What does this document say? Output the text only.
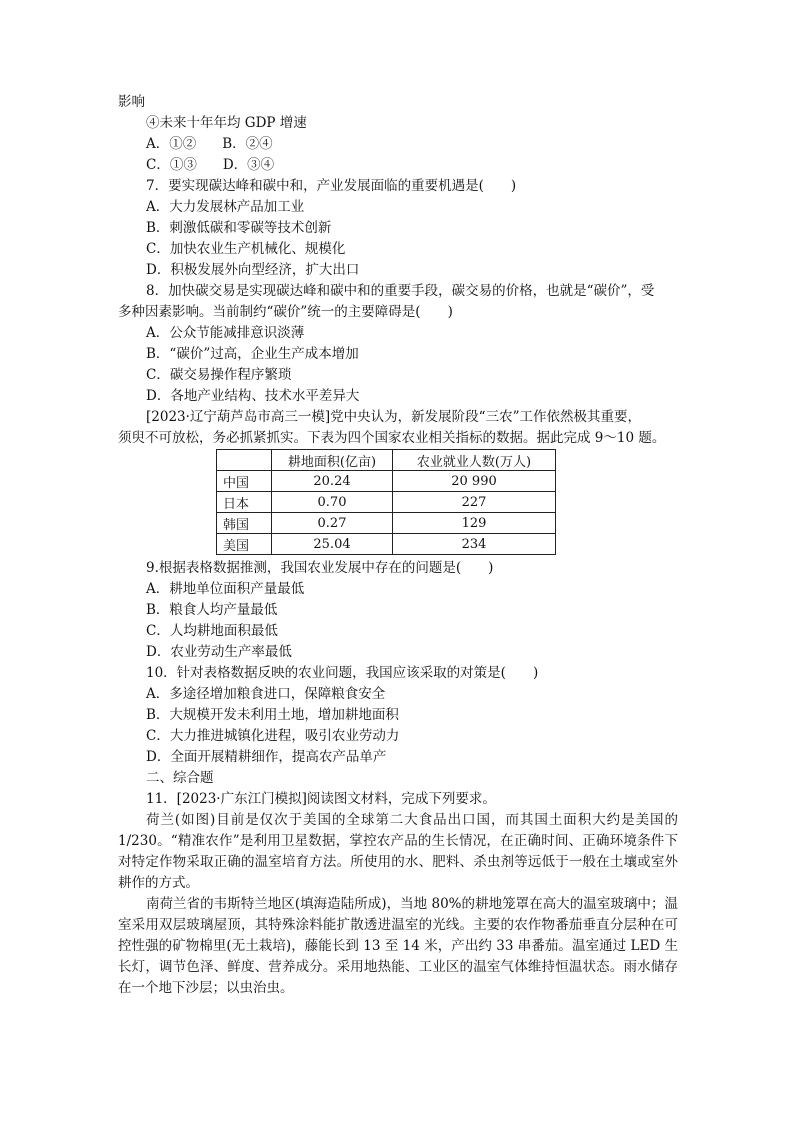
影响
④未来十年年均 GDP 增速
A．①② B．②④
C．①③ D．③④
7．要实现碳达峰和碳中和，产业发展面临的重要机遇是(　　)
A．大力发展林产品加工业
B．刺激低碳和零碳等技术创新
C．加快农业生产机械化、规模化
D．积极发展外向型经济，扩大出口
8．加快碳交易是实现碳达峰和碳中和的重要手段，碳交易的价格，也就是“碳价”，受
多种因素影响。当前制约“碳价”统一的主要障碍是(　　)
A．公众节能减排意识淡薄
B．“碳价”过高，企业生产成本增加
C．碳交易操作程序繁琐
D．各地产业结构、技术水平差异大
[2023·辽宁葫芦岛市高三一模]党中央认为，新发展阶段“三农”工作依然极其重要，
须臾不可放松，务必抓紧抓实。下表为四个国家农业相关指标的数据。据此完成 9～10 题。
	耕地面积(亿亩)	农业就业人数(万人)
中国	20.24	20 990
日本	0.70	227
韩国	0.27	129
美国	25.04	234
9.根据表格数据推测，我国农业发展中存在的问题是(　　)
A．耕地单位面积产量最低
B．粮食人均产量最低
C．人均耕地面积最低
D．农业劳动生产率最低
10．针对表格数据反映的农业问题，我国应该采取的对策是(　　)
A．多途径增加粮食进口，保障粮食安全
B．大规模开发未利用土地，增加耕地面积
C．大力推进城镇化进程，吸引农业劳动力
D．全面开展精耕细作，提高农产品单产
二、综合题
11．[2023·广东江门模拟]阅读图文材料，完成下列要求。
荷兰(如图)目前是仅次于美国的全球第二大食品出口国，而其国土面积大约是美国的1/230。“精准农作”是利用卫星数据，掌控农产品的生长情况，在正确时间、正确环境条件下对特定作物采取正确的温室培育方法。所使用的水、肥料、杀虫剂等远低于一般在土壤或室外耕作的方式。
南荷兰省的韦斯特兰地区(填海造陆所成)，当地 80%的耕地笼罩在高大的温室玻璃中；温室采用双层玻璃屋顶，其特殊涂料能扩散透进温室的光线。主要的农作物番茄垂直分层种在可控性强的矿物棉里(无土栽培)，藤能长到 13 至 14 米，产出约 33 串番茄。温室通过 LED 生长灯，调节色泽、鲜度、营养成分。采用地热能、工业区的温室气体维持恒温状态。雨水储存在一个地下沙层；以虫治虫。
